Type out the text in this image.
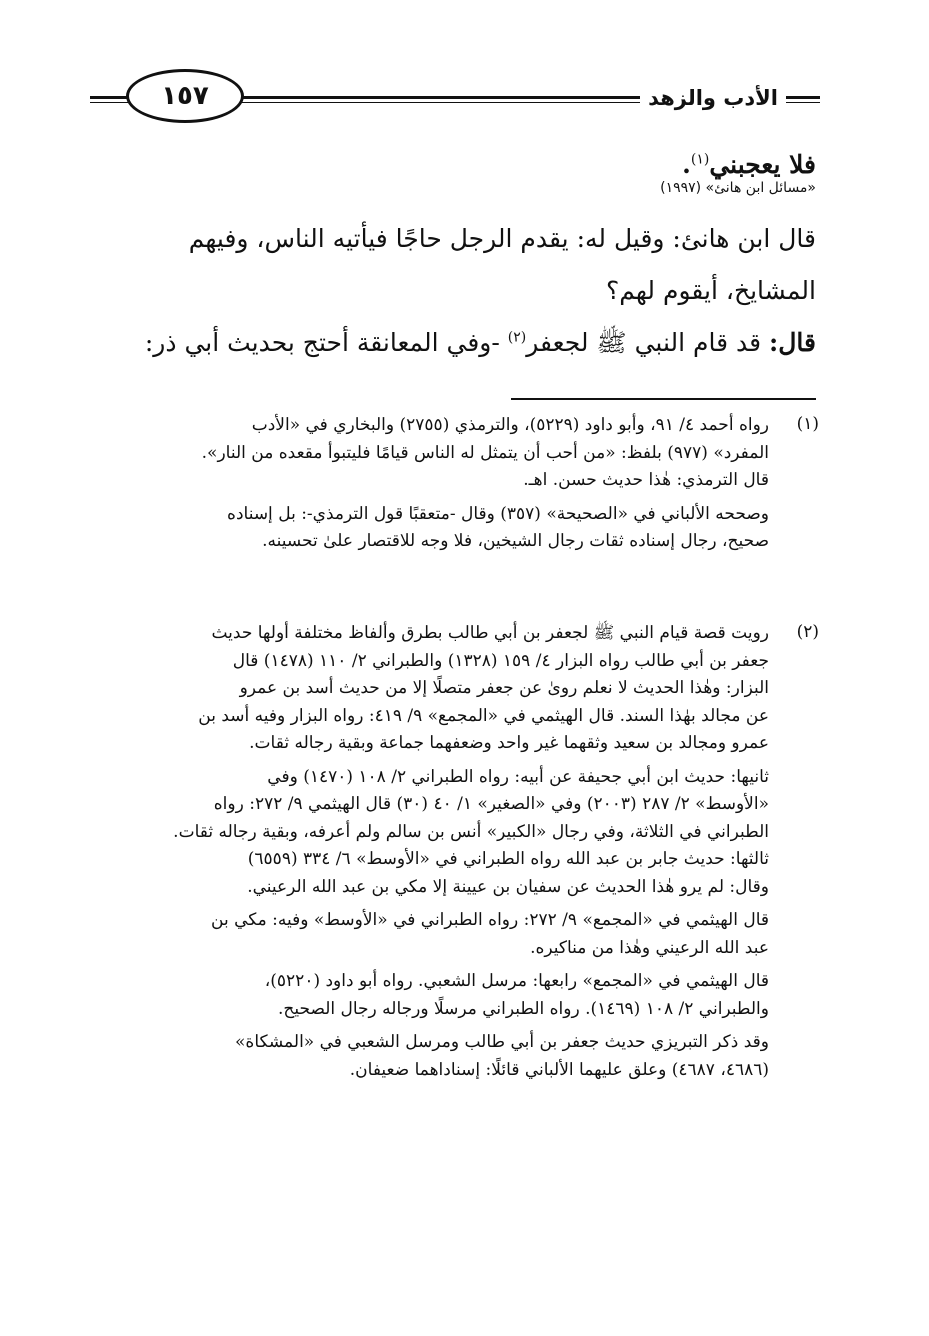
الأدب والزهد
١٥٧
فلا يعجبني$^{(١)}$.
«مسائل ابن هانئ» (١٩٩٧)
قال ابن هانئ: وقيل له: يقدم الرجل حاجًا فيأتيه الناس، وفيهم
المشايخ، أيقوم لهم؟
قال: قد قام النبي ﷺ لجعفر$^{(٢)}$ -وفي المعانقة أحتج بحديث أبي ذر:
(١)
رواه أحمد ٤/ ٩١، وأبو داود (٥٢٢٩)، والترمذي (٢٧٥٥) والبخاري في «الأدب
المفرد» (٩٧٧) بلفظ: «من أحب أن يتمثل له الناس قيامًا فليتبوأ مقعده من النار».
قال الترمذي: هٰذا حديث حسن. اهـ.
وصححه الألباني في «الصحيحة» (٣٥٧) وقال -متعقبًا قول الترمذي-: بل إسناده
صحيح، رجال إسناده ثقات رجال الشيخين، فلا وجه للاقتصار علىٰ تحسينه.
(٢)
رويت قصة قيام النبي ﷺ لجعفر بن أبي طالب بطرق وألفاظ مختلفة أولها حديث
جعفر بن أبي طالب رواه البزار ٤/ ١٥٩ (١٣٢٨) والطبراني ٢/ ١١٠ (١٤٧٨) قال
البزار: وهٰذا الحديث لا نعلم روىٰ عن جعفر متصلًا إلا من حديث أسد بن عمرو
عن مجالد بهٰذا السند. قال الهيثمي في «المجمع» ٩/ ٤١٩: رواه البزار وفيه أسد بن
عمرو ومجالد بن سعيد وثقهما غير واحد وضعفهما جماعة وبقية رجاله ثقات.
ثانيها: حديث ابن أبي جحيفة عن أبيه: رواه الطبراني ٢/ ١٠٨ (١٤٧٠) وفي
«الأوسط» ٢/ ٢٨٧ (٢٠٠٣) وفي «الصغير» ١/ ٤٠ (٣٠) قال الهيثمي ٩/ ٢٧٢: رواه
الطبراني في الثلاثة، وفي رجال «الكبير» أنس بن سالم ولم أعرفه، وبقية رجاله ثقات.
ثالثها: حديث جابر بن عبد الله رواه الطبراني في «الأوسط» ٦/ ٣٣٤ (٦٥٥٩)
وقال: لم يرو هٰذا الحديث عن سفيان بن عيينة إلا مكي بن عبد الله الرعيني.
قال الهيثمي في «المجمع» ٩/ ٢٧٢: رواه الطبراني في «الأوسط» وفيه: مكي بن
عبد الله الرعيني وهٰذا من مناكيره.
قال الهيثمي في «المجمع» رابعها: مرسل الشعبي. رواه أبو داود (٥٢٢٠)،
والطبراني ٢/ ١٠٨ (١٤٦٩). رواه الطبراني مرسلًا ورجاله رجال الصحيح.
وقد ذكر التبريزي حديث جعفر بن أبي طالب ومرسل الشعبي في «المشكاة»
(٤٦٨٦، ٤٦٨٧) وعلق عليهما الألباني قائلًا: إسناداهما ضعيفان.
